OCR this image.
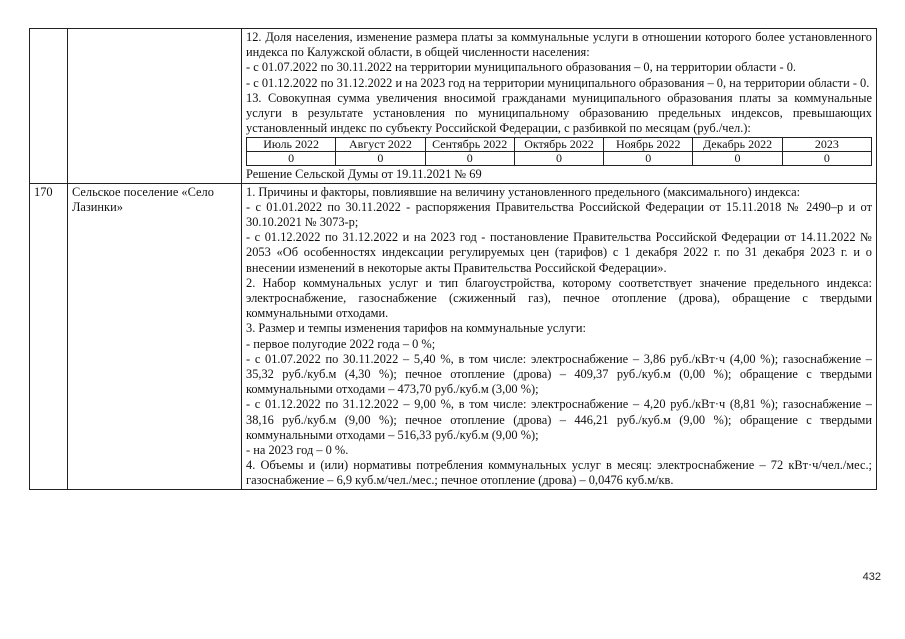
12. Доля населения, изменение размера платы за коммунальные услуги в отношении которого более установленного индекса по Калужской области, в общей численности населения:

- с 01.07.2022 по 30.11.2022 на территории муниципального образования – 0, на территории области - 0.

- с 01.12.2022 по 31.12.2022 и на 2023 год на территории муниципального образования – 0, на территории области - 0.

13. Совокупная сумма увеличения вносимой гражданами муниципального образования платы за коммунальные услуги в результате установления по муниципальному образованию предельных индексов, превышающих установленный индекс по субъекту Российской Федерации, с разбивкой по месяцам (руб./чел.):

Июль 2022	Август 2022	Сентябрь 2022	Октябрь 2022	Ноябрь 2022	Декабрь 2022	2023
0	0	0	0	0	0	0

Решение Сельской Думы от 19.11.2021 № 69

170	Сельское поселение «Село Лазинки»	

1. Причины и факторы, повлиявшие на величину установленного предельного (максимального) индекса:

- с 01.01.2022 по 30.11.2022 - распоряжения Правительства Российской Федерации от 15.11.2018 № 2490–р и от 30.10.2021 № 3073-р;

- с 01.12.2022 по 31.12.2022 и на 2023 год - постановление Правительства Российской Федерации от 14.11.2022 № 2053 «Об особенностях индексации регулируемых цен (тарифов) с 1 декабря 2022 г. по 31 декабря 2023 г. и о внесении изменений в некоторые акты Правительства Российской Федерации».

2. Набор коммунальных услуг и тип благоустройства, которому соответствует значение предельного индекса: электроснабжение, газоснабжение (сжиженный газ), печное отопление (дрова), обращение с твердыми коммунальными отходами.

3. Размер и темпы изменения тарифов на коммунальные услуги:

- первое полугодие 2022 года – 0 %;

- с 01.07.2022 по 30.11.2022 – 5,40 %, в том числе: электроснабжение – 3,86 руб./кВт·ч (4,00 %); газоснабжение – 35,32 руб./куб.м (4,30 %); печное отопление (дрова) – 409,37 руб./куб.м (0,00 %); обращение с твердыми коммунальными отходами – 473,70 руб./куб.м (3,00 %);

- с 01.12.2022 по 31.12.2022 – 9,00 %, в том числе: электроснабжение – 4,20 руб./кВт·ч (8,81 %); газоснабжение – 38,16 руб./куб.м (9,00 %); печное отопление (дрова) – 446,21 руб./куб.м (9,00 %); обращение с твердыми коммунальными отходами – 516,33 руб./куб.м (9,00 %);

- на 2023 год – 0 %.

4. Объемы и (или) нормативы потребления коммунальных услуг в месяц: электроснабжение – 72 кВт·ч/чел./мес.; газоснабжение – 6,9 куб.м/чел./мес.; печное отопление (дрова) – 0,0476 куб.м/кв.

432
